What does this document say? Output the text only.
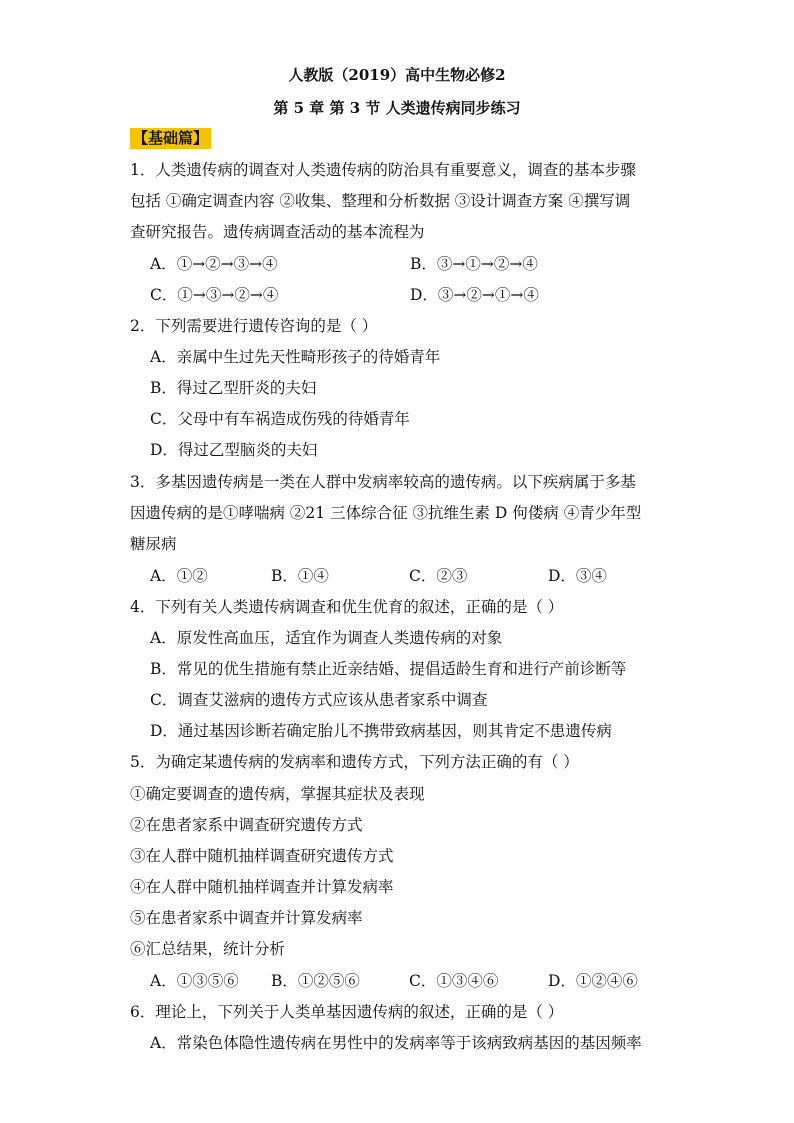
人教版（2019）高中生物必修2
第 5 章 第 3 节 人类遗传病同步练习
【基础篇】
1．人类遗传病的调查对人类遗传病的防治具有重要意义，调查的基本步骤
包括 ①确定调查内容 ②收集、整理和分析数据 ③设计调查方案 ④撰写调
查研究报告。遗传病调查活动的基本流程为
A．①→②→③→④	B．③→①→②→④
C．①→③→②→④	D．③→②→①→④
2．下列需要进行遗传咨询的是（ ）
A．亲属中生过先天性畸形孩子的待婚青年
B．得过乙型肝炎的夫妇
C．父母中有车祸造成伤残的待婚青年
D．得过乙型脑炎的夫妇
3．多基因遗传病是一类在人群中发病率较高的遗传病。以下疾病属于多基
因遗传病的是①哮喘病 ②21 三体综合征 ③抗维生素 D 佝偻病 ④青少年型
糖尿病
A．①②	B．①④	C．②③	D．③④
4．下列有关人类遗传病调查和优生优育的叙述，正确的是（ ）
A．原发性高血压，适宜作为调查人类遗传病的对象
B．常见的优生措施有禁止近亲结婚、提倡适龄生育和进行产前诊断等
C．调查艾滋病的遗传方式应该从患者家系中调查
D．通过基因诊断若确定胎儿不携带致病基因，则其肯定不患遗传病
5．为确定某遗传病的发病率和遗传方式，下列方法正确的有（ ）
①确定要调查的遗传病，掌握其症状及表现
②在患者家系中调查研究遗传方式
③在人群中随机抽样调查研究遗传方式
④在人群中随机抽样调查并计算发病率
⑤在患者家系中调查并计算发病率
⑥汇总结果，统计分析
A．①③⑤⑥ B．①②⑤⑥	C．①③④⑥	D．①②④⑥
6．理论上，下列关于人类单基因遗传病的叙述，正确的是（ ）
A．常染色体隐性遗传病在男性中的发病率等于该病致病基因的基因频率
